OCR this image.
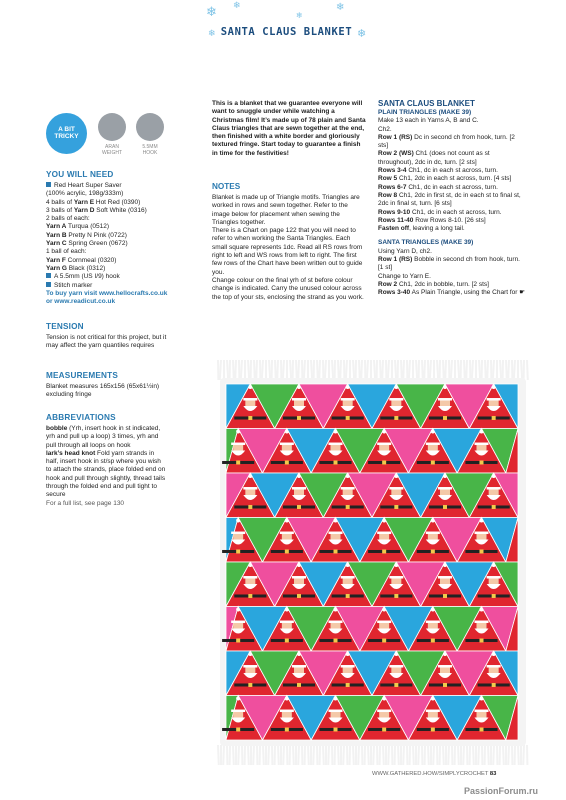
❄ ❄	❄
❄
❄	❄
SANTA CLAUS BLANKET
A BIT TRICKY
ARAN
WEIGHT
5.5MM
HOOK
YOU WILL NEED
Red Heart Super Saver
(100% acrylic, 198g/333m)
4 balls of Yarn E Hot Red (0390)
3 balls of Yarn D Soft White (0316)
2 balls of each:
Yarn A Turqua (0512)
Yarn B Pretty N Pink (0722)
Yarn C Spring Green (0672)
1 ball of each:
Yarn F Cornmeal (0320)
Yarn G Black (0312)
A 5.5mm (US I/9) hook
Stitch marker
To buy yarn visit www.hellocrafts.co.uk or www.readicut.co.uk
TENSION
Tension is not critical for this project, but it may affect the yarn quantiles requires
MEASUREMENTS
Blanket measures 165x156 (65x61½in) excluding fringe
ABBREVIATIONS
bobble (Yrh, insert hook in st indicated, yrh and pull up a loop) 3 times, yrh and pull through all loops on hook
lark’s head knot Fold yarn strands in half, insert hook in st/sp where you wish to attach the strands, place folded end on hook and pull through slightly, thread tails through the folded end and pull tight to secure
For a full list, see page 130
This is a blanket that we guarantee everyone will want to snuggle under while watching a Christmas film! It’s made up of 78 plain and Santa Claus triangles that are sewn together at the end, then finished with a white border and gloriously textured fringe. Start today to guarantee a finish in time for the festivities!
NOTES
Blanket is made up of Triangle motifs. Triangles are worked in rows and sewn together. Refer to the image below for placement when sewing the Triangles together.
There is a Chart on page 122 that you will need to refer to when working the Santa Triangles. Each small square represents 1dc. Read all RS rows from right to left and WS rows from left to right. The first few rows of the Chart have been written out to guide you.
Change colour on the final yrh of st before colour change is indicated. Carry the unused colour across the top of your sts, enclosing the strand as you work.
SANTA CLAUS BLANKET
PLAIN TRIANGLES (MAKE 39)
Make 13 each in Yarns A, B and C.
Ch2.
Row 1 (RS) Dc in second ch from hook, turn. [2 sts]
Row 2 (WS) Ch1 (does not count as st throughout), 2dc in dc, turn. [2 sts]
Rows 3-4 Ch1, dc in each st across, turn.
Row 5 Ch1, 2dc in each st across, turn. [4 sts]
Rows 6-7 Ch1, dc in each st across, turn.
Row 8 Ch1, 2dc in first st, dc in each st to final st, 2dc in final st, turn. [6 sts]
Rows 9-10 Ch1, dc in each st across, turn.
Rows 11-40 Row Rows 8-10. [26 sts]
Fasten off, leaving a long tail.
SANTA TRIANGLES (MAKE 39)
Using Yarn D, ch2.
Row 1 (RS) Bobble in second ch from hook, turn. [1 st]
Change to Yarn E.
Row 2 Ch1, 2dc in bobble, turn. [2 sts]
Rows 3-40 As Plain Triangle, using the Chart for ☛
WWW.GATHERED.HOW/SIMPLYCROCHET 83
PassionForum.ru
